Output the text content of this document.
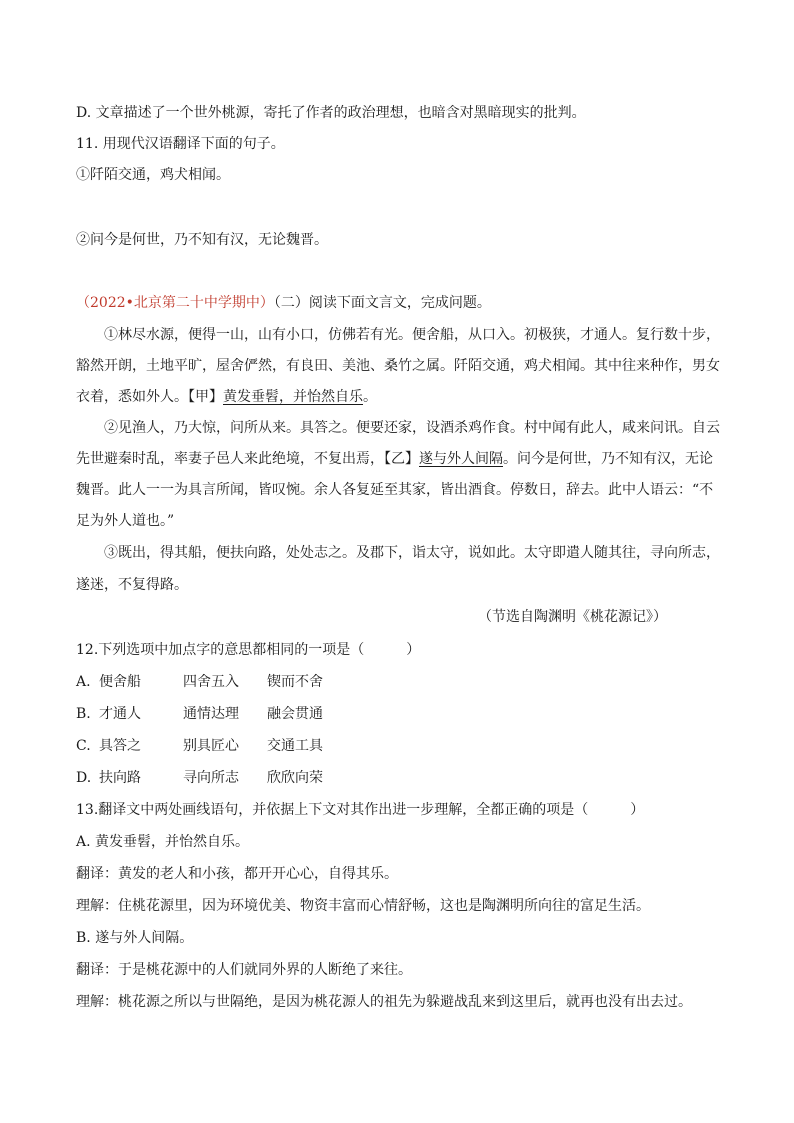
D. 文章描述了一个世外桃源，寄托了作者的政治理想，也暗含对黑暗现实的批判。
11. 用现代汉语翻译下面的句子。
①阡陌交通，鸡犬相闻。
②问今是何世，乃不知有汉，无论魏晋。
（2022•北京第二十中学期中）（二）阅读下面文言文，完成问题。
①林尽水源，便得一山，山有小口，仿佛若有光。便舍船，从口入。初极狭，才通人。复行数十步，
豁然开朗，土地平旷，屋舍俨然，有良田、美池、桑竹之属。阡陌交通，鸡犬相闻。其中往来种作，男女
衣着，悉如外人。【甲】黄发垂髫，并怡然自乐。
②见渔人，乃大惊，问所从来。具答之。便要还家，设酒杀鸡作食。村中闻有此人，咸来问讯。自云
先世避秦时乱，率妻子邑人来此绝境，不复出焉，【乙】遂与外人间隔。问今是何世，乃不知有汉，无论
魏晋。此人一一为具言所闻，皆叹惋。余人各复延至其家，皆出酒食。停数日，辞去。此中人语云：“不
足为外人道也。”
③既出，得其船，便扶向路，处处志之。及郡下，诣太守，说如此。太守即遣人随其往，寻向所志，
遂迷，不复得路。
（节选自陶渊明《桃花源记》）
12.下列选项中加点字的意思都相同的一项是（　　　）
A. 便舍船	四舍五入 锲而不舍
B. 才通人	通情达理 融会贯通
C. 具答之	别具匠心 交通工具
D. 扶向路	寻向所志 欣欣向荣
13.翻译文中两处画线语句，并依据上下文对其作出进一步理解，全都正确的项是（　　　）
A. 黄发垂髫，并怡然自乐。
翻译：黄发的老人和小孩，都开开心心，自得其乐。
理解：住桃花源里，因为环境优美、物资丰富而心情舒畅，这也是陶渊明所向往的富足生活。
B. 遂与外人间隔。
翻译：于是桃花源中的人们就同外界的人断绝了来往。
理解：桃花源之所以与世隔绝，是因为桃花源人的祖先为躲避战乱来到这里后，就再也没有出去过。
